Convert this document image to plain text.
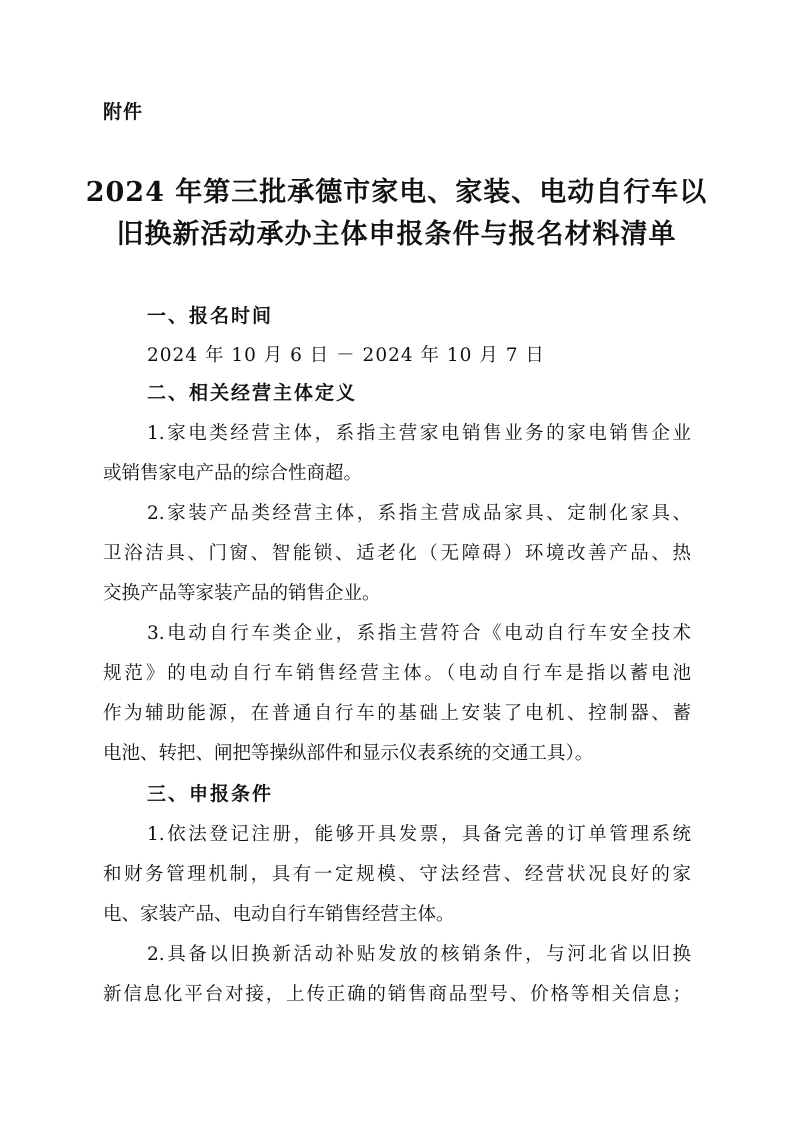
附件
2024 年第三批承德市家电、家装、电动自行车以
旧换新活动承办主体申报条件与报名材料清单
一、报名时间
2024 年 10 月 6 日 － 2024 年 10 月 7 日
二、相关经营主体定义
1.家电类经营主体，系指主营家电销售业务的家电销售企业
或销售家电产品的综合性商超。
2.家装产品类经营主体，系指主营成品家具、定制化家具、
卫浴洁具、门窗、智能锁、适老化（无障碍）环境改善产品、热
交换产品等家装产品的销售企业。
3.电动自行车类企业，系指主营符合《电动自行车安全技术
规范》的电动自行车销售经营主体。（电动自行车是指以蓄电池
作为辅助能源，在普通自行车的基础上安装了电机、控制器、蓄
电池、转把、闸把等操纵部件和显示仪表系统的交通工具）。
三、申报条件
1.依法登记注册，能够开具发票，具备完善的订单管理系统
和财务管理机制，具有一定规模、守法经营、经营状况良好的家
电、家装产品、电动自行车销售经营主体。
2.具备以旧换新活动补贴发放的核销条件，与河北省以旧换
新信息化平台对接，上传正确的销售商品型号、价格等相关信息；
